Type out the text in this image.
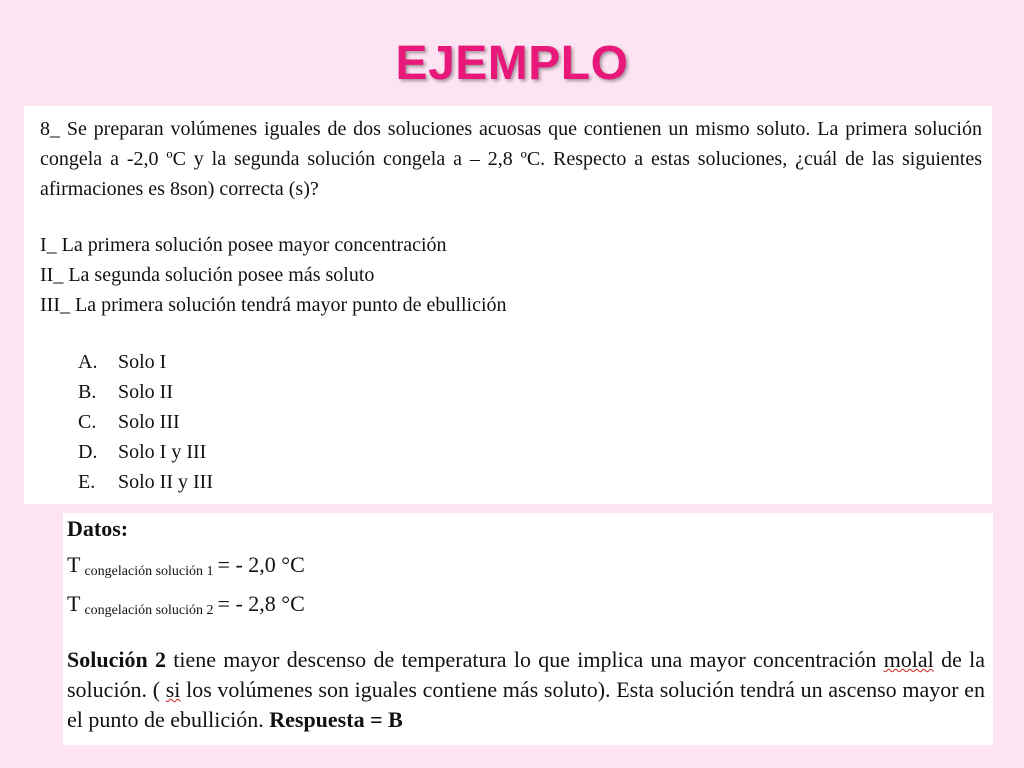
EJEMPLO

8_ Se preparan volúmenes iguales de dos soluciones acuosas que contienen un mismo soluto. La primera solución congela a -2,0 ºC y la segunda solución congela a – 2,8 ºC. Respecto a estas soluciones, ¿cuál de las siguientes afirmaciones es 8son) correcta (s)?

I_ La primera solución posee mayor concentración
II_ La segunda solución posee más soluto
III_ La primera solución tendrá mayor punto de ebullición
A.	Solo I
B.	Solo II
C.	Solo III
D.	Solo I y III
E.	Solo II y III
Datos:
T $_{congelación solución 1}$ = - 2,0 °C
T $_{congelación solución 2}$ = - 2,8 °C

Solución 2 tiene mayor descenso de temperatura lo que implica una mayor concentración molal de la solución. ( si los volúmenes son iguales contiene más soluto). Esta solución tendrá un ascenso mayor en el punto de ebullición. Respuesta = B
